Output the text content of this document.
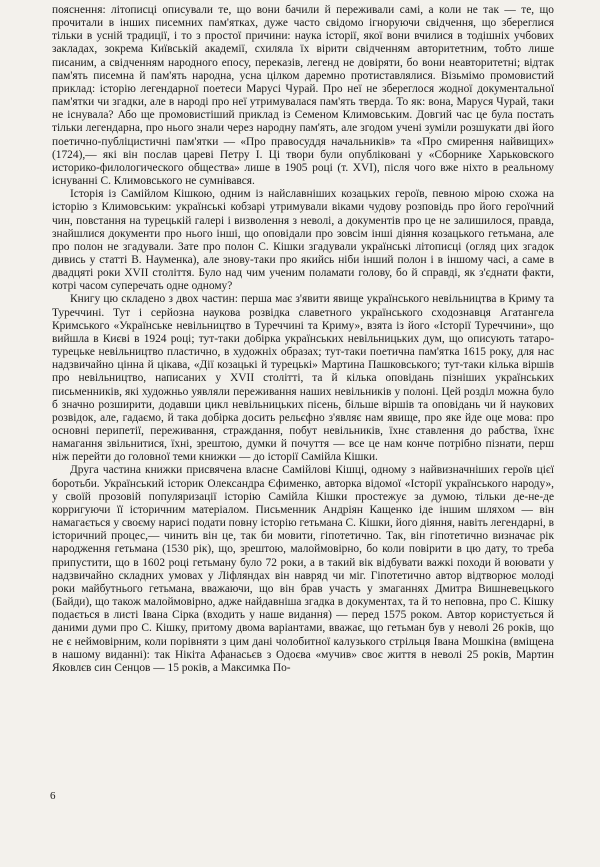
пояснення: літописці описували те, що вони бачили й переживали самі, а коли не так — те, що прочитали в інших писемних пам'ятках, дуже часто свідомо ігноруючи свідчення, що збереглися тільки в усній традиції, і то з простої причини: наука історії, якої вони вчилися в тодішніх учбових закладах, зокрема Київській академії, схиляла їх вірити свідченням авторитетним, тобто лише писаним, а свідченням народного епосу, переказів, легенд не довіряти, бо вони неавторитетні; відтак пам'ять писемна й пам'ять народна, усна цілком даремно протиставлялися. Візьмімо промовистий приклад: історію легендарної поетеси Марусі Чурай. Про неї не збереглося жодної документальної пам'ятки чи згадки, але в народі про неї утримувалася пам'ять тверда. То як: вона, Маруся Чурай, таки не існувала? Або ще промовистіший приклад із Семеном Климовським. Довгий час це була постать тільки легендарна, про нього знали через народну пам'ять, але згодом учені зуміли розшукати дві його поетично-публіцистичні пам'ятки — «Про правосуддя начальників» та «Про смирення найвищих» (1724),— які він послав цареві Петру І. Ці твори були опубліковані у «Сборнике Харьковского историко-филологического общества» лише в 1905 році (т. XVI), після чого вже ніхто в реальному існуванні С. Климовського не сумнівався.

Історія із Самійлом Кішкою, одним із найславніших козацьких героїв, певною мірою схожа на історію з Климовським: українські кобзарі утримували віками чудову розповідь про його героїчний чин, повстання на турецькій галері і визволення з неволі, а документів про це не залишилося, правда, знайшлися документи про нього інші, що оповідали про зовсім інші діяння козацького гетьмана, але про полон не згадували. Зате про полон С. Кішки згадували українські літописці (огляд цих згадок дивись у статті В. Науменка), але знову-таки про якийсь ніби інший полон і в іншому часі, а саме в двадцяті роки XVII століття. Було над чим ученим поламати голову, бо й справді, як з'єднати факти, котрі часом суперечать одне одному?

Книгу цю складено з двох частин: перша має з'явити явище українського невільництва в Криму та Туреччині. Тут і серйозна наукова розвідка славетного українського сходознавця Агатангела Кримського «Українське невільництво в Туреччині та Криму», взята із його «Історії Туреччини», що вийшла в Києві в 1924 році; тут-таки добірка українських невільницьких дум, що описують татаро-турецьке невільництво пластично, в художніх образах; тут-таки поетична пам'ятка 1615 року, для нас надзвичайно цінна й цікава, «Дії козацькі й турецькі» Мартина Пашковського; тут-таки кілька віршів про невільництво, написаних у XVII столітті, та й кілька оповідань пізніших українських письменників, які художньо уявляли переживання наших невільників у полоні. Цей розділ можна було б значно розширити, додавши цикл невільницьких пісень, більше віршів та оповідань чи й наукових розвідок, але, гадаємо, й така добірка досить рельєфно з'являє нам явище, про яке йде оце мова: про основні перипетії, переживання, страждання, побут невільників, їхнє ставлення до рабства, їхнє намагання звільнитися, їхні, зрештою, думки й почуття — все це нам конче потрібно пізнати, перш ніж перейти до головної теми книжки — до історії Самійла Кішки.

Друга частина книжки присвячена власне Самійлові Кішці, одному з найвизначніших героїв цієї боротьби. Український історик Олександра Єфименко, авторка відомої «Історії українського народу», у своїй прозовій популяризації історію Самійла Кішки простежує за думою, тільки де-не-де корригуючи її історичним матеріалом. Письменник Андріян Кащенко іде іншим шляхом — він намагається у своєму нарисі подати повну історію гетьмана С. Кішки, його діяння, навіть легендарні, в історичний процес,— чинить він це, так би мовити, гіпотетично. Так, він гіпотетично визначає рік народження гетьмана (1530 рік), що, зрештою, малоймовірно, бо коли повірити в цю дату, то треба припустити, що в 1602 році гетьману було 72 роки, а в такий вік відбувати важкі походи й воювати у надзвичайно складних умовах у Ліфляндах він навряд чи міг. Гіпотетично автор відтворює молоді роки майбутнього гетьмана, вважаючи, що він брав участь у змаганнях Дмитра Вишневецького (Байди), що також малоймовірно, адже найдавніша згадка в документах, та й то неповна, про С. Кішку подається в листі Івана Сірка (входить у наше видання) — перед 1575 роком. Автор користується й даними думи про С. Кішку, притому двома варіантами, вважає, що гетьман був у неволі 26 років, що не є неймовірним, коли порівняти з цим дані чолобитної калузького стрільця Івана Мошкіна (вміщена в нашому виданні): так Нікіта Афанасьєв з Одоєва «мучив» своє життя в неволі 25 років, Мартин Яковлєв син Сенцов — 15 років, а Максимка По-

6
